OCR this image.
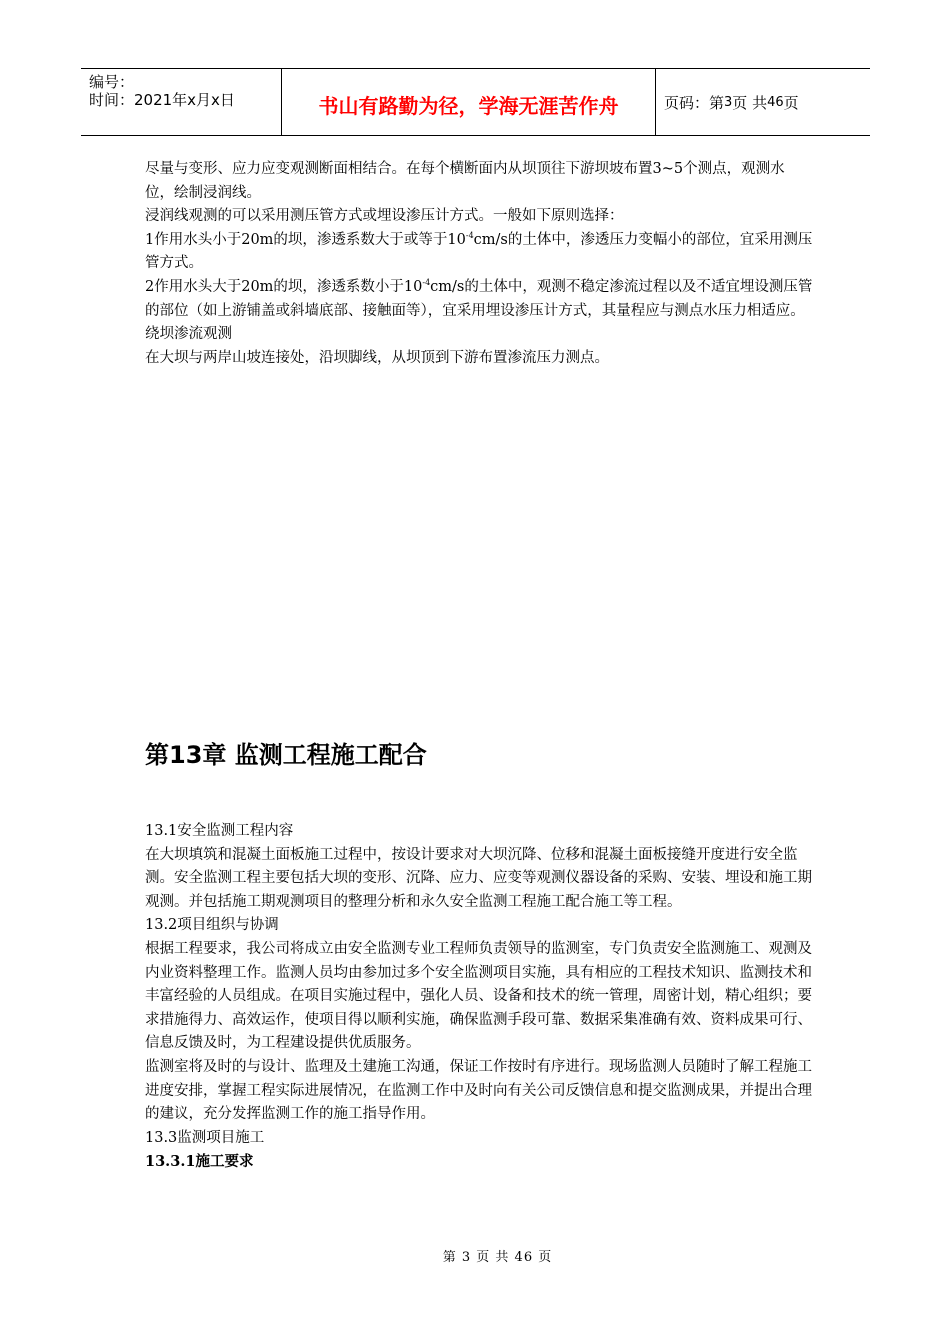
编号：
时间：2021年x月x日	书山有路勤为径，学海无涯苦作舟	页码：第 3 页 共 46 页

尽量与变形、应力应变观测断面相结合。在每个横断面内从坝顶往下游坝坡布置3~5个测点，观测水位，绘制浸润线。

浸润线观测的可以采用测压管方式或埋设渗压计方式。一般如下原则选择：

1作用水头小于20m的坝，渗透系数大于或等于$10^{-4}cm/s$的土体中，渗透压力变幅小的部位，宜采用测压管方式。

2作用水头大于20m的坝，渗透系数小于$10^{-4}cm/s$的土体中，观测不稳定渗流过程以及不适宜埋设测压管的部位（如上游铺盖或斜墙底部、接触面等），宜采用埋设渗压计方式，其量程应与测点水压力相适应。

绕坝渗流观测

在大坝与两岸山坡连接处，沿坝脚线，从坝顶到下游布置渗流压力测点。

第13章 监测工程施工配合

13.1安全监测工程内容

在大坝填筑和混凝土面板施工过程中，按设计要求对大坝沉降、位移和混凝土面板接缝开度进行安全监测。安全监测工程主要包括大坝的变形、沉降、应力、应变等观测仪器设备的采购、安装、埋设和施工期观测。并包括施工期观测项目的整理分析和永久安全监测工程施工配合施工等工程。

13.2项目组织与协调

根据工程要求，我公司将成立由安全监测专业工程师负责领导的监测室，专门负责安全监测施工、观测及内业资料整理工作。监测人员均由参加过多个安全监测项目实施，具有相应的工程技术知识、监测技术和丰富经验的人员组成。在项目实施过程中，强化人员、设备和技术的统一管理，周密计划，精心组织；要求措施得力、高效运作，使项目得以顺利实施，确保监测手段可靠、数据采集准确有效、资料成果可行、信息反馈及时，为工程建设提供优质服务。

监测室将及时的与设计、监理及土建施工沟通，保证工作按时有序进行。现场监测人员随时了解工程施工进度安排，掌握工程实际进展情况，在监测工作中及时向有关公司反馈信息和提交监测成果，并提出合理的建议，充分发挥监测工作的施工指导作用。

13.3监测项目施工

13.3.1施工要求

第 3 页 共 46 页
